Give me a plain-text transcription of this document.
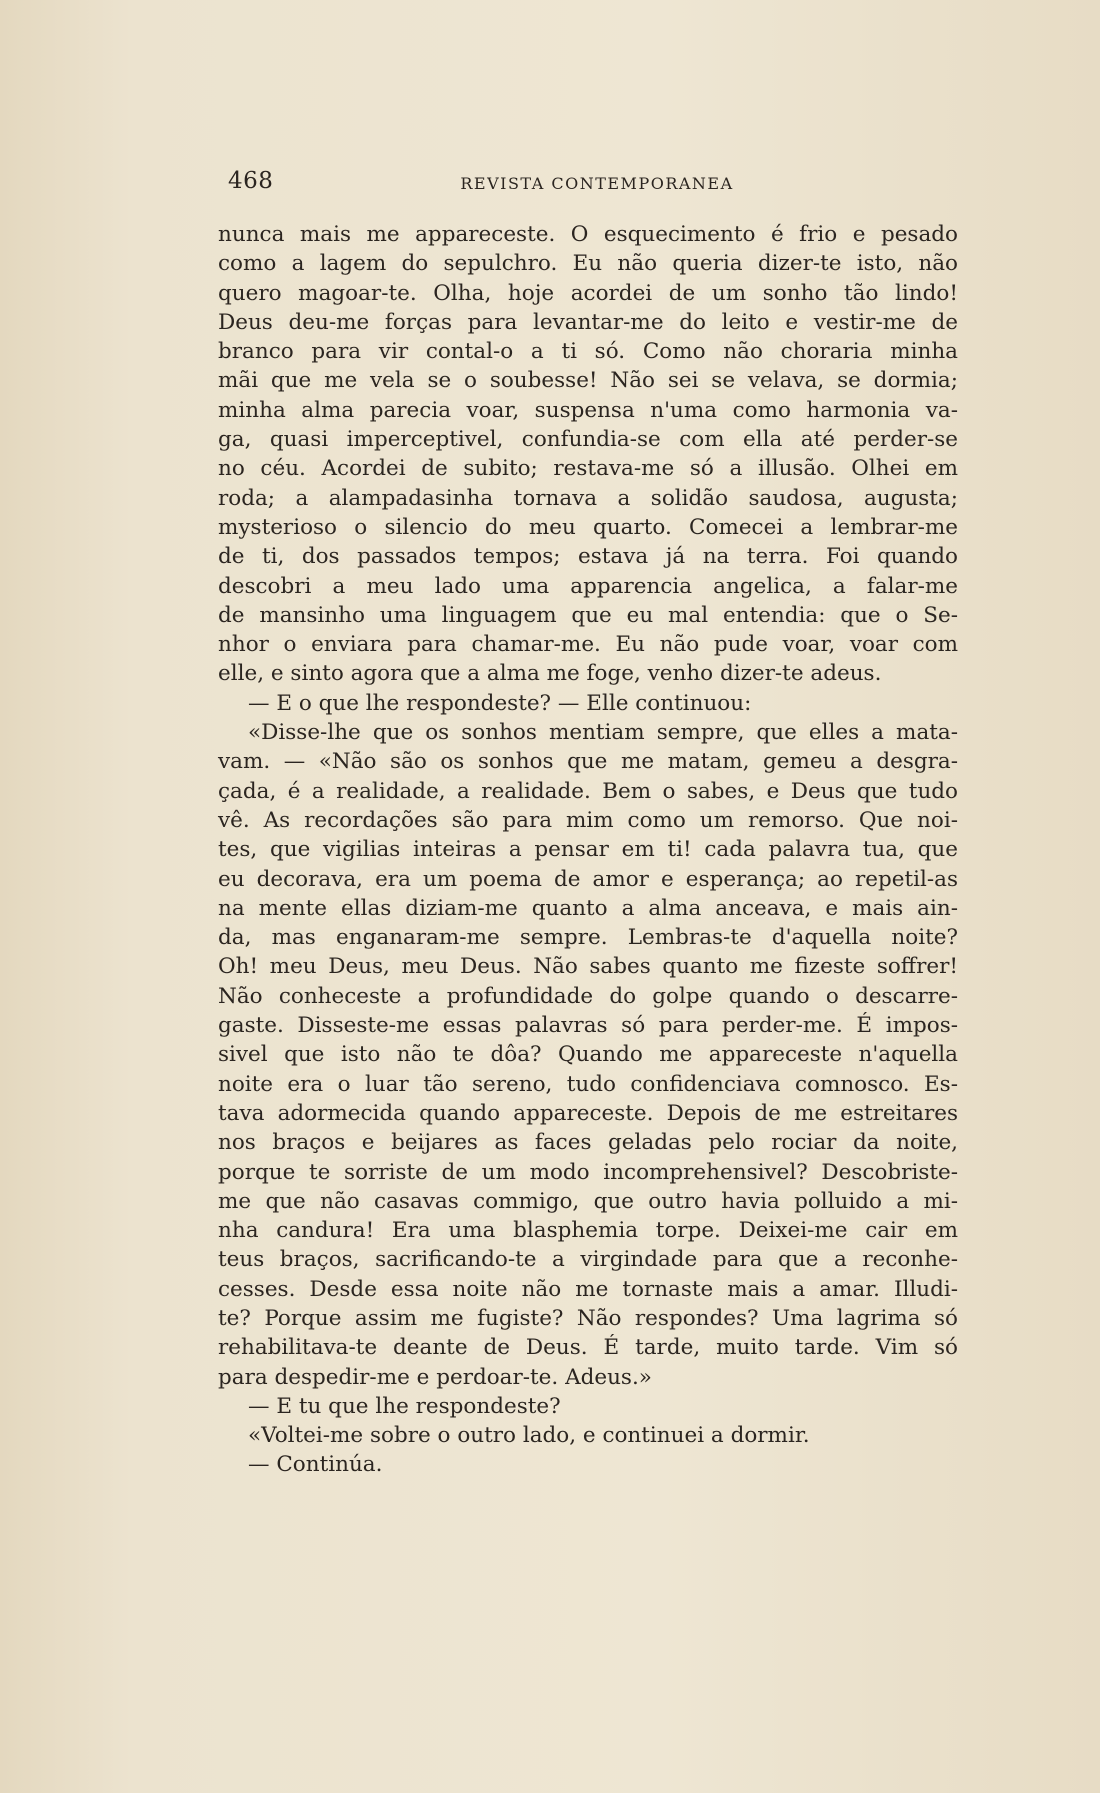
468	REVISTA CONTEMPORANEA
nunca mais me appareceste. O esquecimento é frio e pesado
como a lagem do sepulchro. Eu não queria dizer-te isto, não
quero magoar-te. Olha, hoje acordei de um sonho tão lindo!
Deus deu-me forças para levantar-me do leito e vestir-me de
branco para vir contal-o a ti só. Como não choraria minha
mãi que me vela se o soubesse! Não sei se velava, se dormia;
minha alma parecia voar, suspensa n'uma como harmonia va-
ga, quasi imperceptivel, confundia-se com ella até perder-se
no céu. Acordei de subito; restava-me só a illusão. Olhei em
roda; a alampadasinha tornava a solidão saudosa, augusta;
mysterioso o silencio do meu quarto. Comecei a lembrar-me
de ti, dos passados tempos; estava já na terra. Foi quando
descobri a meu lado uma apparencia angelica, a falar-me
de mansinho uma linguagem que eu mal entendia: que o Se-
nhor o enviara para chamar-me. Eu não pude voar, voar com
elle, e sinto agora que a alma me foge, venho dizer-te adeus.
— E o que lhe respondeste? — Elle continuou:
«Disse-lhe que os sonhos mentiam sempre, que elles a mata-
vam. — «Não são os sonhos que me matam, gemeu a desgra-
çada, é a realidade, a realidade. Bem o sabes, e Deus que tudo
vê. As recordações são para mim como um remorso. Que noi-
tes, que vigilias inteiras a pensar em ti! cada palavra tua, que
eu decorava, era um poema de amor e esperança; ao repetil-as
na mente ellas diziam-me quanto a alma anceava, e mais ain-
da, mas enganaram-me sempre. Lembras-te d'aquella noite?
Oh! meu Deus, meu Deus. Não sabes quanto me fizeste soffrer!
Não conheceste a profundidade do golpe quando o descarre-
gaste. Disseste-me essas palavras só para perder-me. É impos-
sivel que isto não te dôa? Quando me appareceste n'aquella
noite era o luar tão sereno, tudo confidenciava comnosco. Es-
tava adormecida quando appareceste. Depois de me estreitares
nos braços e beijares as faces geladas pelo rociar da noite,
porque te sorriste de um modo incomprehensivel? Descobriste-
me que não casavas commigo, que outro havia polluido a mi-
nha candura! Era uma blasphemia torpe. Deixei-me cair em
teus braços, sacrificando-te a virgindade para que a reconhe-
cesses. Desde essa noite não me tornaste mais a amar. Illudi-
te? Porque assim me fugiste? Não respondes? Uma lagrima só
rehabilitava-te deante de Deus. É tarde, muito tarde. Vim só
para despedir-me e perdoar-te. Adeus.»
— E tu que lhe respondeste?
«Voltei-me sobre o outro lado, e continuei a dormir.
— Continúa.
